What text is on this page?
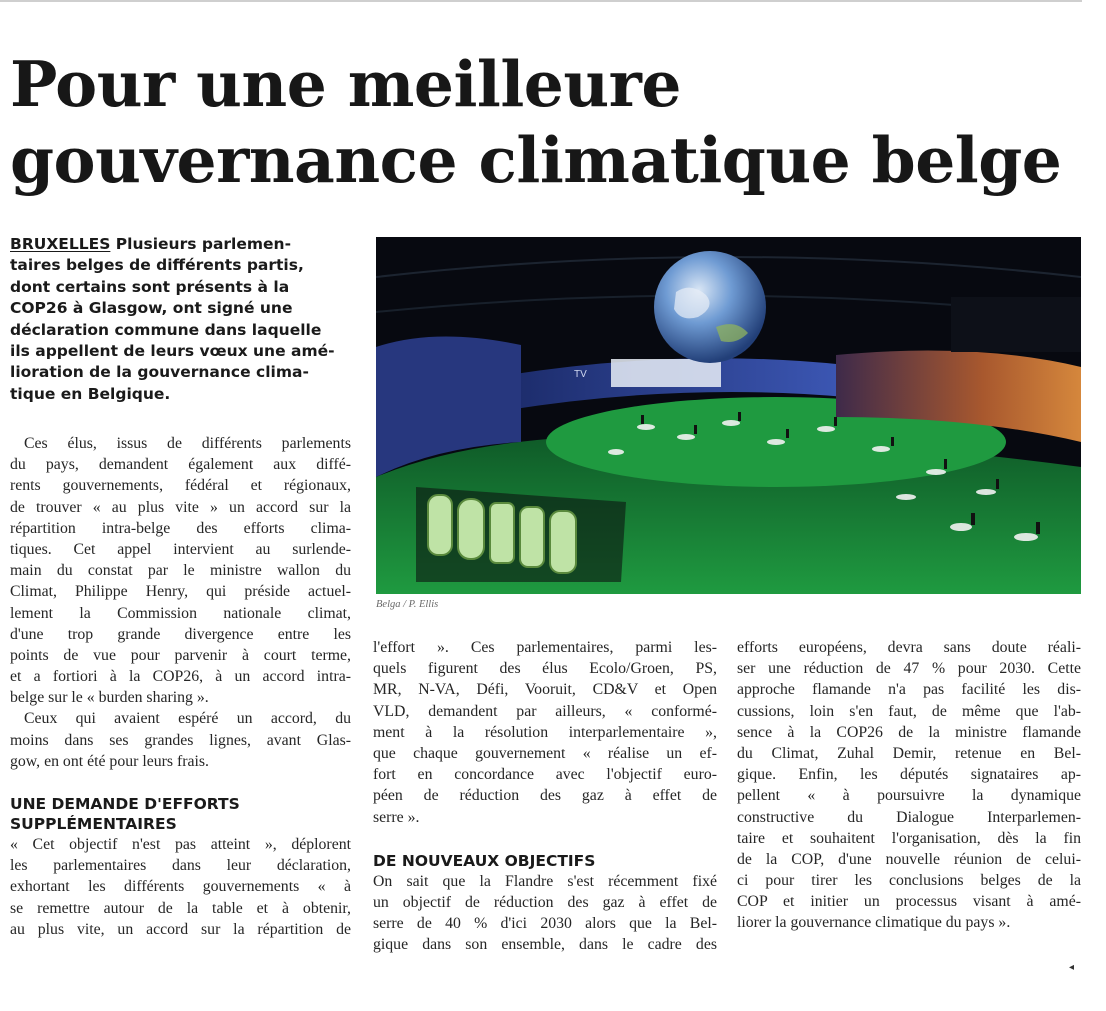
Pour une meilleure
gouvernance climatique belge

BRUXELLES Plusieurs parlemen-
taires belges de différents partis,
dont certains sont présents à la
COP26 à Glasgow, ont signé une
déclaration commune dans laquelle
ils appellent de leurs vœux une amé-
lioration de la gouvernance clima-
tique en Belgique.

Ces élus, issus de différents parlements
du pays, demandent également aux diffé-
rents gouvernements, fédéral et régionaux,
de trouver « au plus vite » un accord sur la
répartition intra-belge des efforts clima-
tiques. Cet appel intervient au surlende-
main du constat par le ministre wallon du
Climat, Philippe Henry, qui préside actuel-
lement la Commission nationale climat,
d'une trop grande divergence entre les
points de vue pour parvenir à court terme,
et a fortiori à la COP26, à un accord intra-
belge sur le « burden sharing ».
Ceux qui avaient espéré un accord, du
moins dans ses grandes lignes, avant Glas-
gow, en ont été pour leurs frais.
UNE DEMANDE D'EFFORTS
SUPPLÉMENTAIRES
« Cet objectif n'est pas atteint », déplorent
les parlementaires dans leur déclaration,
exhortant les différents gouvernements « à
se remettre autour de la table et à obtenir,
au plus vite, un accord sur la répartition de
TV

Belga / P. Ellis

l'effort ». Ces parlementaires, parmi les-
quels figurent des élus Ecolo/Groen, PS,
MR, N-VA, Défi, Vooruit, CD&V et Open
VLD, demandent par ailleurs, « conformé-
ment à la résolution interparlementaire »,
que chaque gouvernement « réalise un ef-
fort en concordance avec l'objectif euro-
péen de réduction des gaz à effet de
serre ».
DE NOUVEAUX OBJECTIFS
On sait que la Flandre s'est récemment fixé
un objectif de réduction des gaz à effet de
serre de 40 % d'ici 2030 alors que la Bel-
gique dans son ensemble, dans le cadre des
efforts européens, devra sans doute réali-
ser une réduction de 47 % pour 2030. Cette
approche flamande n'a pas facilité les dis-
cussions, loin s'en faut, de même que l'ab-
sence à la COP26 de la ministre flamande
du Climat, Zuhal Demir, retenue en Bel-
gique. Enfin, les députés signataires ap-
pellent « à poursuivre la dynamique
constructive du Dialogue Interparlemen-
taire et souhaitent l'organisation, dès la fin
de la COP, d'une nouvelle réunion de celui-
ci pour tirer les conclusions belges de la
COP et initier un processus visant à amé-
liorer la gouvernance climatique du pays ».
◂
